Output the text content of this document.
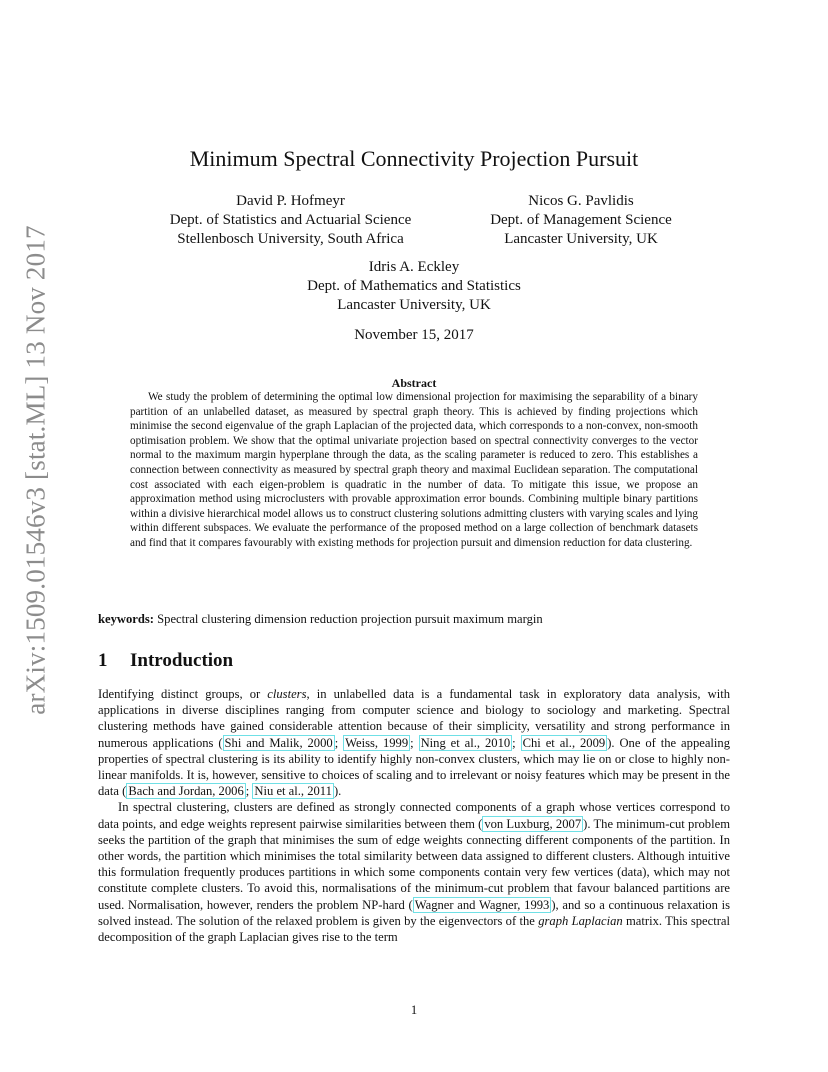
arXiv:1509.01546v3 [stat.ML] 13 Nov 2017
Minimum Spectral Connectivity Projection Pursuit
David P. Hofmeyr
Dept. of Statistics and Actuarial Science
Stellenbosch University, South Africa
Nicos G. Pavlidis
Dept. of Management Science
Lancaster University, UK
Idris A. Eckley
Dept. of Mathematics and Statistics
Lancaster University, UK
November 15, 2017
Abstract

We study the problem of determining the optimal low dimensional projection for maximising the separability of a binary partition of an unlabelled dataset, as measured by spectral graph theory. This is achieved by finding projections which minimise the second eigenvalue of the graph Laplacian of the projected data, which corresponds to a non-convex, non-smooth optimisation problem. We show that the optimal univariate projection based on spectral connectivity converges to the vector normal to the maximum margin hyperplane through the data, as the scaling parameter is reduced to zero. This establishes a connection between connectivity as measured by spectral graph theory and maximal Euclidean separation. The computational cost associated with each eigen-problem is quadratic in the number of data. To mitigate this issue, we propose an approximation method using microclusters with provable approximation error bounds. Combining multiple binary partitions within a divisive hierarchical model allows us to construct clustering solutions admitting clusters with varying scales and lying within different subspaces. We evaluate the performance of the proposed method on a large collection of benchmark datasets and find that it compares favourably with existing methods for projection pursuit and dimension reduction for data clustering.

keywords: Spectral clustering dimension reduction projection pursuit maximum margin
1 Introduction

Identifying distinct groups, or clusters, in unlabelled data is a fundamental task in exploratory data analysis, with applications in diverse disciplines ranging from computer science and biology to sociology and marketing. Spectral clustering methods have gained considerable attention because of their simplicity, versatility and strong performance in numerous applications ( Shi and Malik, 2000 ; Weiss, 1999 ; Ning et al., 2010 ; Chi et al., 2009 ). One of the appealing properties of spectral clustering is its ability to identify highly non-convex clusters, which may lie on or close to highly non-linear manifolds. It is, however, sensitive to choices of scaling and to irrelevant or noisy features which may be present in the data ( Bach and Jordan, 2006 ; Niu et al., 2011 ).

In spectral clustering, clusters are defined as strongly connected components of a graph whose vertices correspond to data points, and edge weights represent pairwise similarities between them ( von Luxburg, 2007 ). The minimum-cut problem seeks the partition of the graph that minimises the sum of edge weights connecting different components of the partition. In other words, the partition which minimises the total similarity between data assigned to different clusters. Although intuitive this formulation frequently produces partitions in which some components contain very few vertices (data), which may not constitute complete clusters. To avoid this, normalisations of the minimum-cut problem that favour balanced partitions are used. Normalisation, however, renders the problem NP-hard ( Wagner and Wagner, 1993 ), and so a continuous relaxation is solved instead. The solution of the relaxed problem is given by the eigenvectors of the graph Laplacian matrix. This spectral decomposition of the graph Laplacian gives rise to the term

1
